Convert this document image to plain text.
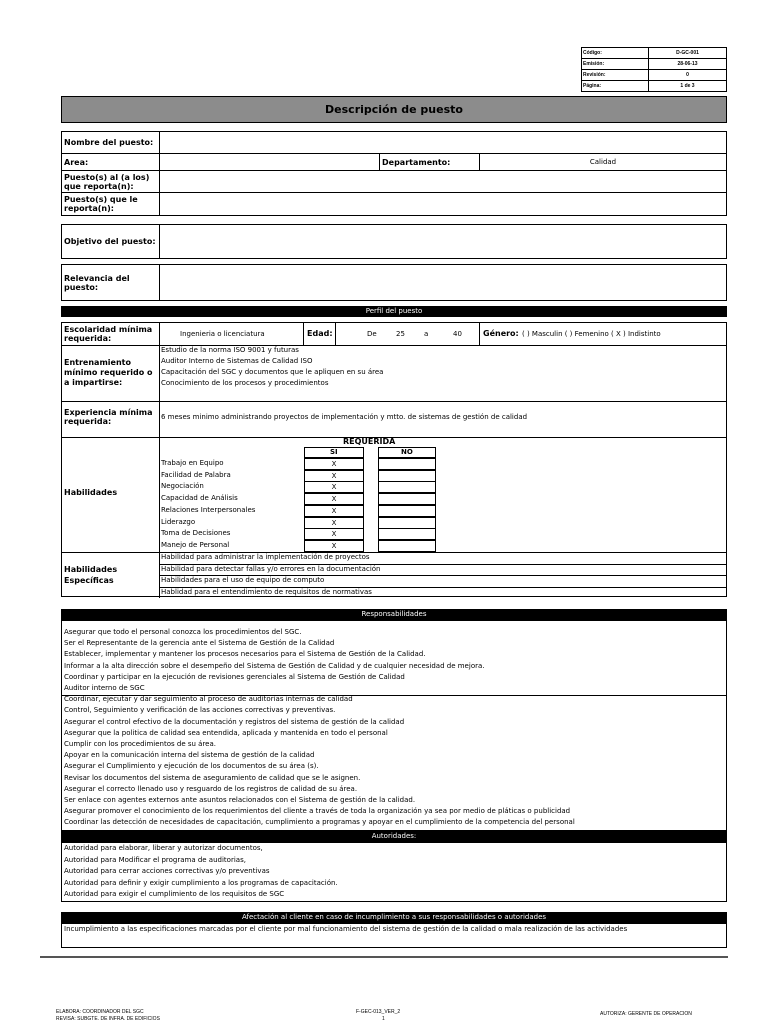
Código:	D-GC-001
Emisión:	28-06-13
Revisión:	0
Página:	1 de 3
Descripción de puesto
Nombre del puesto:			
Area:		Departamento:	Calidad
Puesto(s) al (a los) que reporta(n):			
Puesto(s) que le reporta(n):			
Objetivo del puesto:	
Relevancia del puesto:	
Perfil del puesto
Escolaridad mínima requerida:	Ingenieria o licenciatura	Edad:	De	25	a	40	Género: ( ) Masculin ( ) Femenino ( X ) Indistinto
Entrenamiento mínimo requerido o a impartirse:
Estudio de la norma ISO 9001 y futuras
Auditor Interno de Sistemas de Calidad ISO
Capacitación del SGC y documentos que le apliquen en su área
Conocimiento de los procesos y procedimientos
Experiencia mínima requerida:	6 meses minimo administrando proyectos de implementación y mtto. de sistemas de gestión de calidad
Habilidades
REQUERIDA
SI	NO
Trabajo en Equipo	X
Facilidad de Palabra	X
Negociación	X
Capacidad de Análisis	X
Relaciones Interpersonales	X
Liderazgo	X
Toma de Decisiones	X
Manejo de Personal	X
Habilidades Específicas
Habilidad para administrar la implementación de proyectos
Habilidad para detectar fallas y/o errores en la documentación
Habilidades para el uso de equipo de computo
Hablidad para el entendimiento de requisitos de normativas
Responsabilidades
Asegurar que todo el personal conozca los procedimientos del SGC.
Ser el Representante de la gerencia ante el Sistema de Gestión de la Calidad
Establecer, implementar y mantener los procesos necesarios para el Sistema de Gestión de la Calidad.
Informar a la alta dirección sobre el desempeño del Sistema de Gestión de Calidad y de cualquier necesidad de mejora.
Coordinar y participar en la ejecución de revisiones gerenciales al Sistema de Gestión de Calidad
Auditor interno de SGC
Coordinar, ejecutar y dar seguimiento al proceso de auditorias internas de calidad
Control, Seguimiento y verificación de las acciones correctivas y preventivas.
Asegurar el control efectivo de la documentación y registros del sistema de gestión de la calidad
Asegurar que la politica de calidad sea entendida, aplicada y mantenida en todo el personal
Cumplir con los procedimientos de su área.
Apoyar en la comunicación interna del sistema de gestión de la calidad
Asegurar el Cumplimiento y ejecución de los documentos de su área (s).
Revisar los documentos del sistema de aseguramiento de calidad que se le asignen.
Asegurar el correcto llenado uso y resguardo de los registros de calidad de su área.
Ser enlace con agentes externos ante asuntos relacionados con el Sistema de gestión de la calidad.
Asegurar promover el conocimiento de los requerimientos del cliente a través de toda la organización ya sea por medio de pláticas o publicidad
Coordinar las detección de necesidades de capacitación, cumplimiento a programas y apoyar en el cumplimiento de la competencia del personal
Autoridades:
Autoridad para elaborar, liberar y autorizar documentos,
Autoridad para Modificar el programa de auditorias,
Autoridad para cerrar acciones correctivas y/o preventivas
Autoridad para definir y exigir cumplimiento a los programas de capacitación.
Autoridad para exigir el cumplimiento de los requisitos de SGC
Afectación al cliente en caso de incumplimiento a sus responsabilidades o autoridades
Incumplimiento a las especificaciones marcadas por el cliente por mal funcionamiento del sistema de gestión de la calidad o mala realización de las actividades
ELABORA: COORDINADOR DEL SGC
REVISA: SUBGTE. DE INFRA. DE EDIFICIOS
F-GEC-013_VER_2
1
AUTORIZA: GERENTE DE OPERACION
